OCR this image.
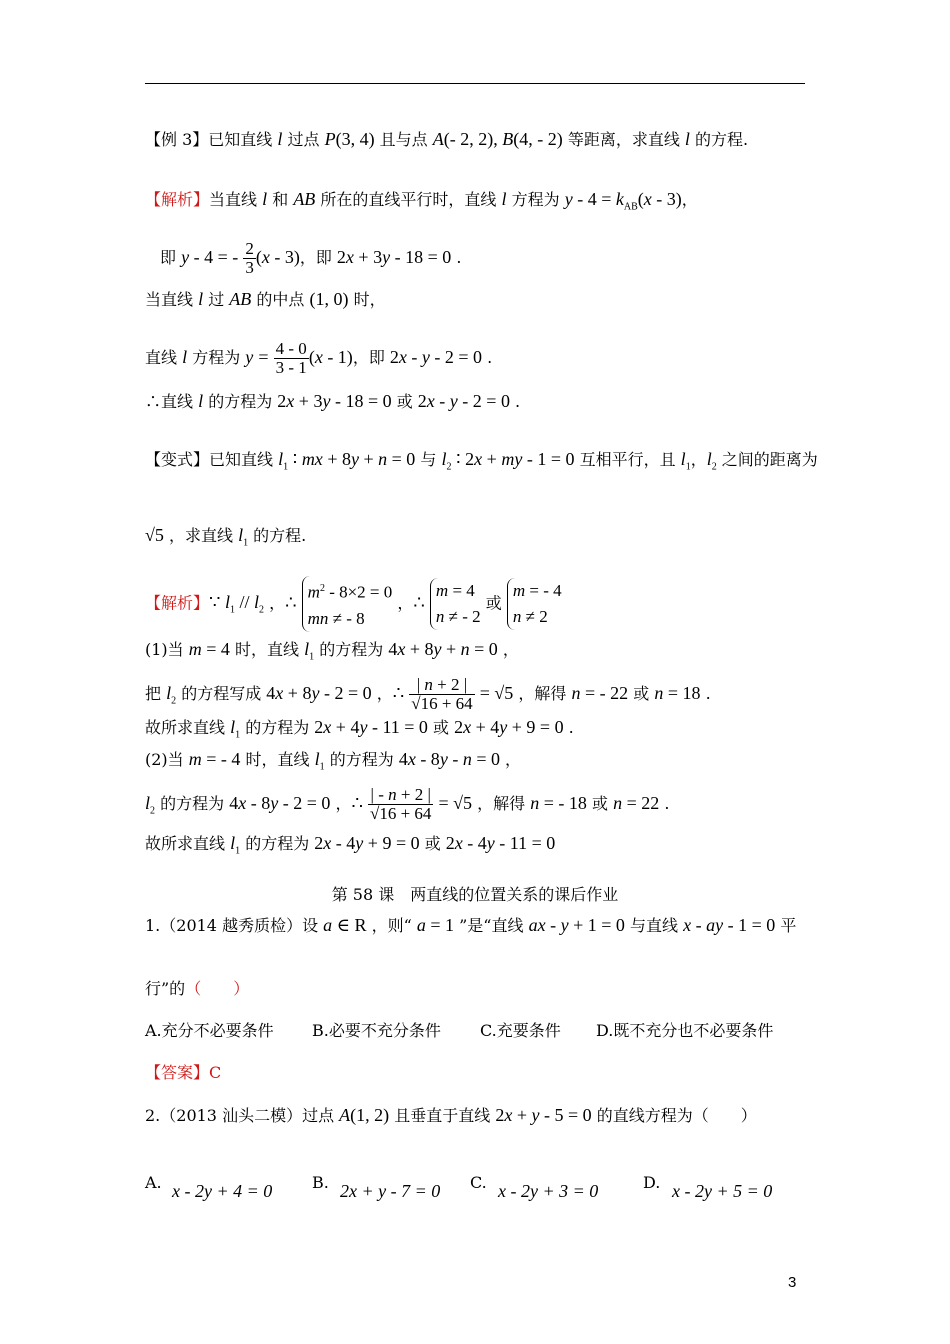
【例 3】已知直线 l 过点 P(3, 4) 且与点 A(- 2, 2), B(4, - 2) 等距离，求直线 l 的方程.
【解析】当直线 l 和 AB 所在的直线平行时，直线 l 方程为 $y - 4 = k_{AB}(x - 3)$，
即 y - 4 = - $\frac{2}{3} (x - 3)$，即 2x + 3y - 18 = 0 .
当直线 l 过 AB 的中点 (1, 0) 时，
直线 l 方程为 $y = \frac{4 - 0}{3 - 1} (x - 1)$，即 2x - y - 2 = 0 .
∴直线 l 的方程为 2x + 3y - 18 = 0 或 2x - y - 2 = 0 .
【变式】已知直线 $l_1$ ∶ mx + 8y + n = 0 与 $l_2$ ∶ 2x + my - 1 = 0 互相平行，且 $l_1$，$l_2$ 之间的距离为
√5 ，求直线 $l_1$ 的方程.
【解析】∵ $l_1 // l_2$ ，∴
$m^2 - 8\times 2 = 0$
mn ≠ - 8
，∴
m = 4
n ≠ - 2
或
m = - 4
n ≠ 2
(1)当 m = 4 时，直线 $l_1$ 的方程为 4x + 8y + n = 0 ，
把 $l_2$ 的方程写成 4x + 8y - 2 = 0 ，∴ $\frac{| n + 2 |}{√16 + 64} = √5$ ，解得 n = - 22 或 n = 18 .
故所求直线 $l_1$ 的方程为 2x + 4y - 11 = 0 或 2x + 4y + 9 = 0 .
(2)当 m = - 4 时，直线 $l_1$ 的方程为 4x - 8y - n = 0 ，
$l_2$ 的方程为 4x - 8y - 2 = 0 ，∴ $\frac{| - n + 2 |}{√16 + 64} = √5$ ，解得 n = - 18 或 n = 22 .
故所求直线 $l_1$ 的方程为 2x - 4y + 9 = 0 或 2x - 4y - 11 = 0
第 58 课　两直线的位置关系的课后作业
1.（2014 越秀质检）设 a ∈ R ，则“ a = 1 ”是“直线 ax - y + 1 = 0 与直线 x - ay - 1 = 0 平
行”的（　　）
A.充分不必要条件 B.必要不充分条件 C.充要条件 D.既不充分也不必要条件
【答案】C
2.（2013 汕头二模）过点 A(1, 2) 且垂直于直线 2x + y - 5 = 0 的直线方程为（　　）
A. x - 2y + 4 = 0 B. 2x + y - 7 = 0 C. x - 2y + 3 = 0	D. x - 2y + 5 = 0
3
